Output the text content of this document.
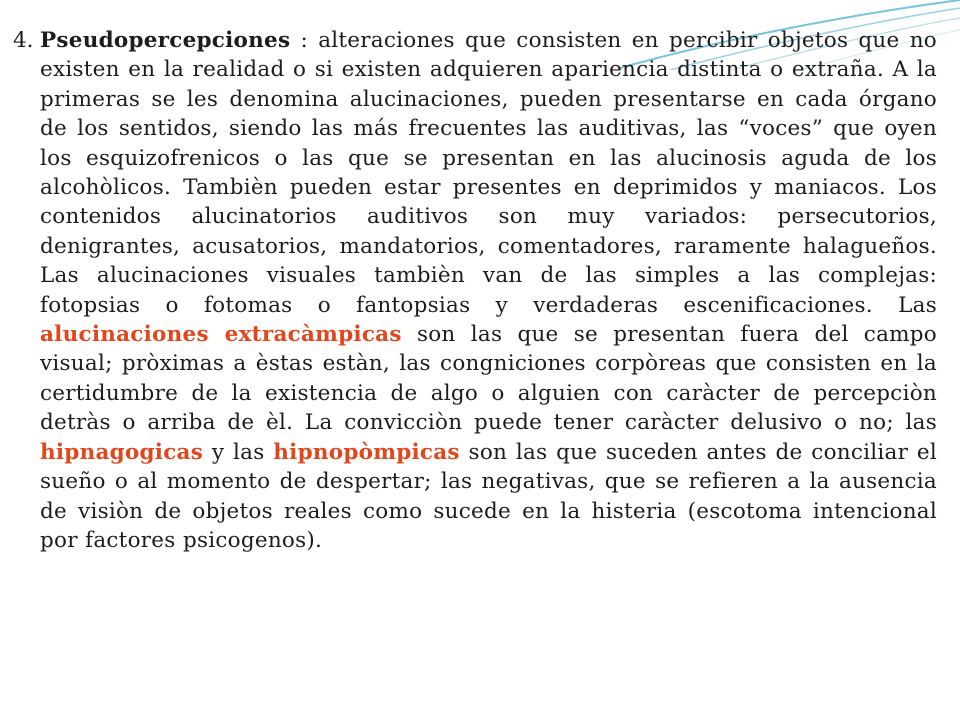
4. Pseudopercepciones : alteraciones que consisten en percibir objetos que no existen en la realidad o si existen adquieren apariencia distinta o extraña. A la primeras se les denomina alucinaciones, pueden presentarse en cada órgano de los sentidos, siendo las más frecuentes las auditivas, las “voces” que oyen los esquizofrenicos o las que se presentan en las alucinosis aguda de los alcohòlicos. Tambièn pueden estar presentes en deprimidos y maniacos. Los contenidos alucinatorios auditivos son muy variados: persecutorios, denigrantes, acusatorios, mandatorios, comentadores, raramente halagueños. Las alucinaciones visuales tambièn van de las simples a las complejas: fotopsias o fotomas o fantopsias y verdaderas escenificaciones. Las alucinaciones extracàmpicas son las que se presentan fuera del campo visual; pròximas a èstas estàn, las congniciones corpòreas que consisten en la certidumbre de la existencia de algo o alguien con caràcter de percepciòn detràs o arriba de èl. La convicciòn puede tener caràcter delusivo o no; las hipnagogicas y las hipnopòmpicas son las que suceden antes de conciliar el sueño o al momento de despertar; las negativas, que se refieren a la ausencia de visiòn de objetos reales como sucede en la histeria (escotoma intencional por factores psicogenos).
